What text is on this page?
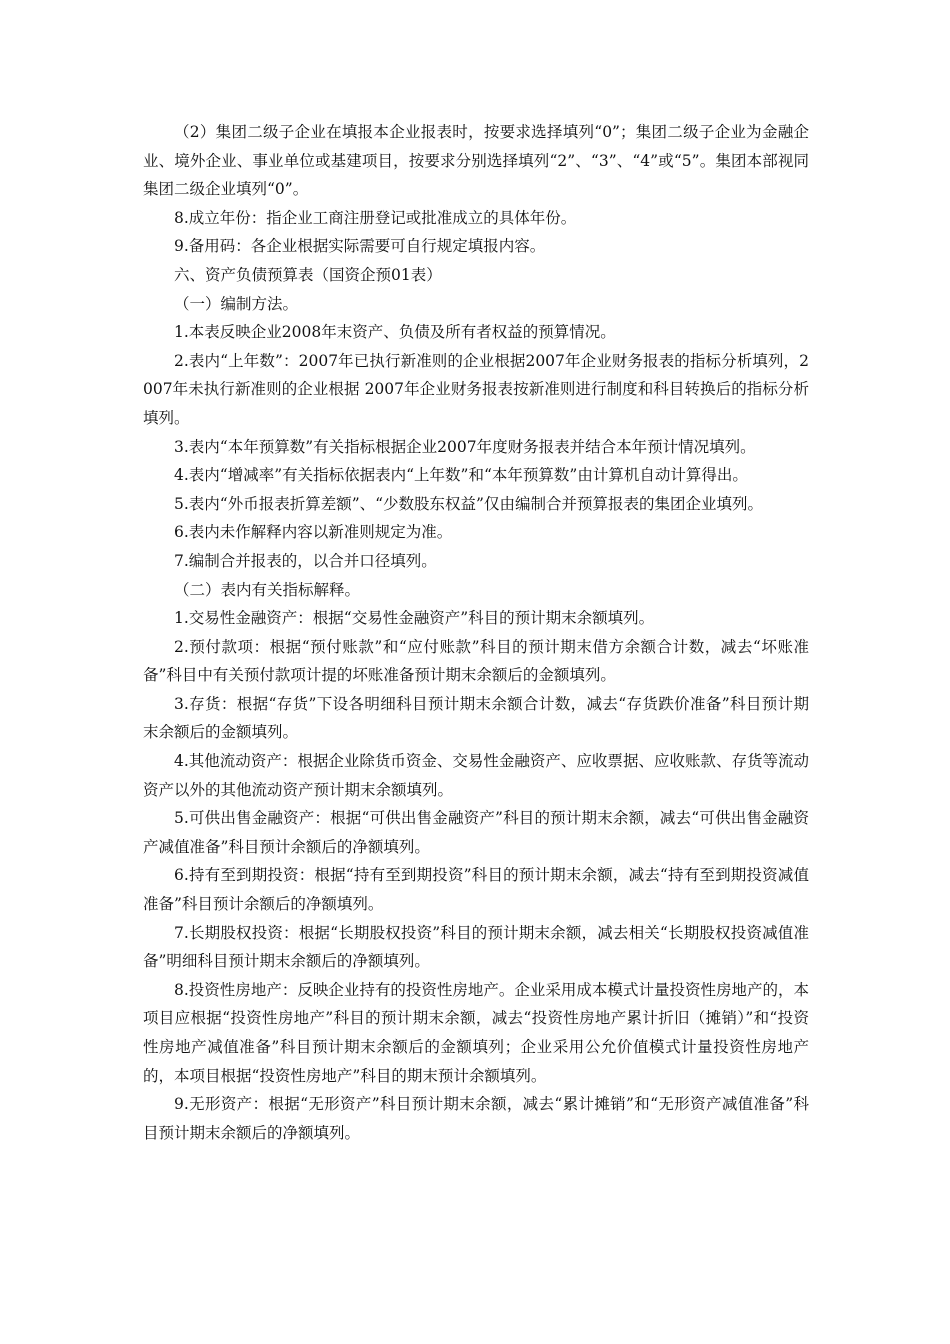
（2）集团二级子企业在填报本企业报表时，按要求选择填列“0”；集团二级子企业为金融企业、境外企业、事业单位或基建项目，按要求分别选择填列“2”、“3”、“4”或“5”。集团本部视同集团二级企业填列“0”。

8.成立年份：指企业工商注册登记或批准成立的具体年份。

9.备用码：各企业根据实际需要可自行规定填报内容。

六、资产负债预算表（国资企预01表）

（一）编制方法。

1.本表反映企业2008年末资产、负债及所有者权益的预算情况。

2.表内“上年数”：2007年已执行新准则的企业根据2007年企业财务报表的指标分析填列，2007年未执行新准则的企业根据 2007年企业财务报表按新准则进行制度和科目转换后的指标分析填列。

3.表内“本年预算数”有关指标根据企业2007年度财务报表并结合本年预计情况填列。

4.表内“增减率”有关指标依据表内“上年数”和“本年预算数”由计算机自动计算得出。

5.表内“外币报表折算差额”、“少数股东权益”仅由编制合并预算报表的集团企业填列。

6.表内未作解释内容以新准则规定为准。

7.编制合并报表的，以合并口径填列。

（二）表内有关指标解释。

1.交易性金融资产：根据“交易性金融资产”科目的预计期末余额填列。

2.预付款项：根据“预付账款”和“应付账款”科目的预计期末借方余额合计数，减去“坏账准备”科目中有关预付款项计提的坏账准备预计期末余额后的金额填列。

3.存货：根据“存货”下设各明细科目预计期末余额合计数，减去“存货跌价准备”科目预计期末余额后的金额填列。

4.其他流动资产：根据企业除货币资金、交易性金融资产、应收票据、应收账款、存货等流动资产以外的其他流动资产预计期末余额填列。

5.可供出售金融资产：根据“可供出售金融资产”科目的预计期末余额，减去“可供出售金融资产减值准备”科目预计余额后的净额填列。

6.持有至到期投资：根据“持有至到期投资”科目的预计期末余额，减去“持有至到期投资减值准备”科目预计余额后的净额填列。

7.长期股权投资：根据“长期股权投资”科目的预计期末余额，减去相关“长期股权投资减值准备”明细科目预计期末余额后的净额填列。

8.投资性房地产：反映企业持有的投资性房地产。企业采用成本模式计量投资性房地产的，本项目应根据“投资性房地产”科目的预计期末余额，减去“投资性房地产累计折旧（摊销）”和“投资性房地产减值准备”科目预计期末余额后的金额填列；企业采用公允价值模式计量投资性房地产的，本项目根据“投资性房地产”科目的期末预计余额填列。

9.无形资产：根据“无形资产”科目预计期末余额，减去“累计摊销”和“无形资产减值准备”科目预计期末余额后的净额填列。
